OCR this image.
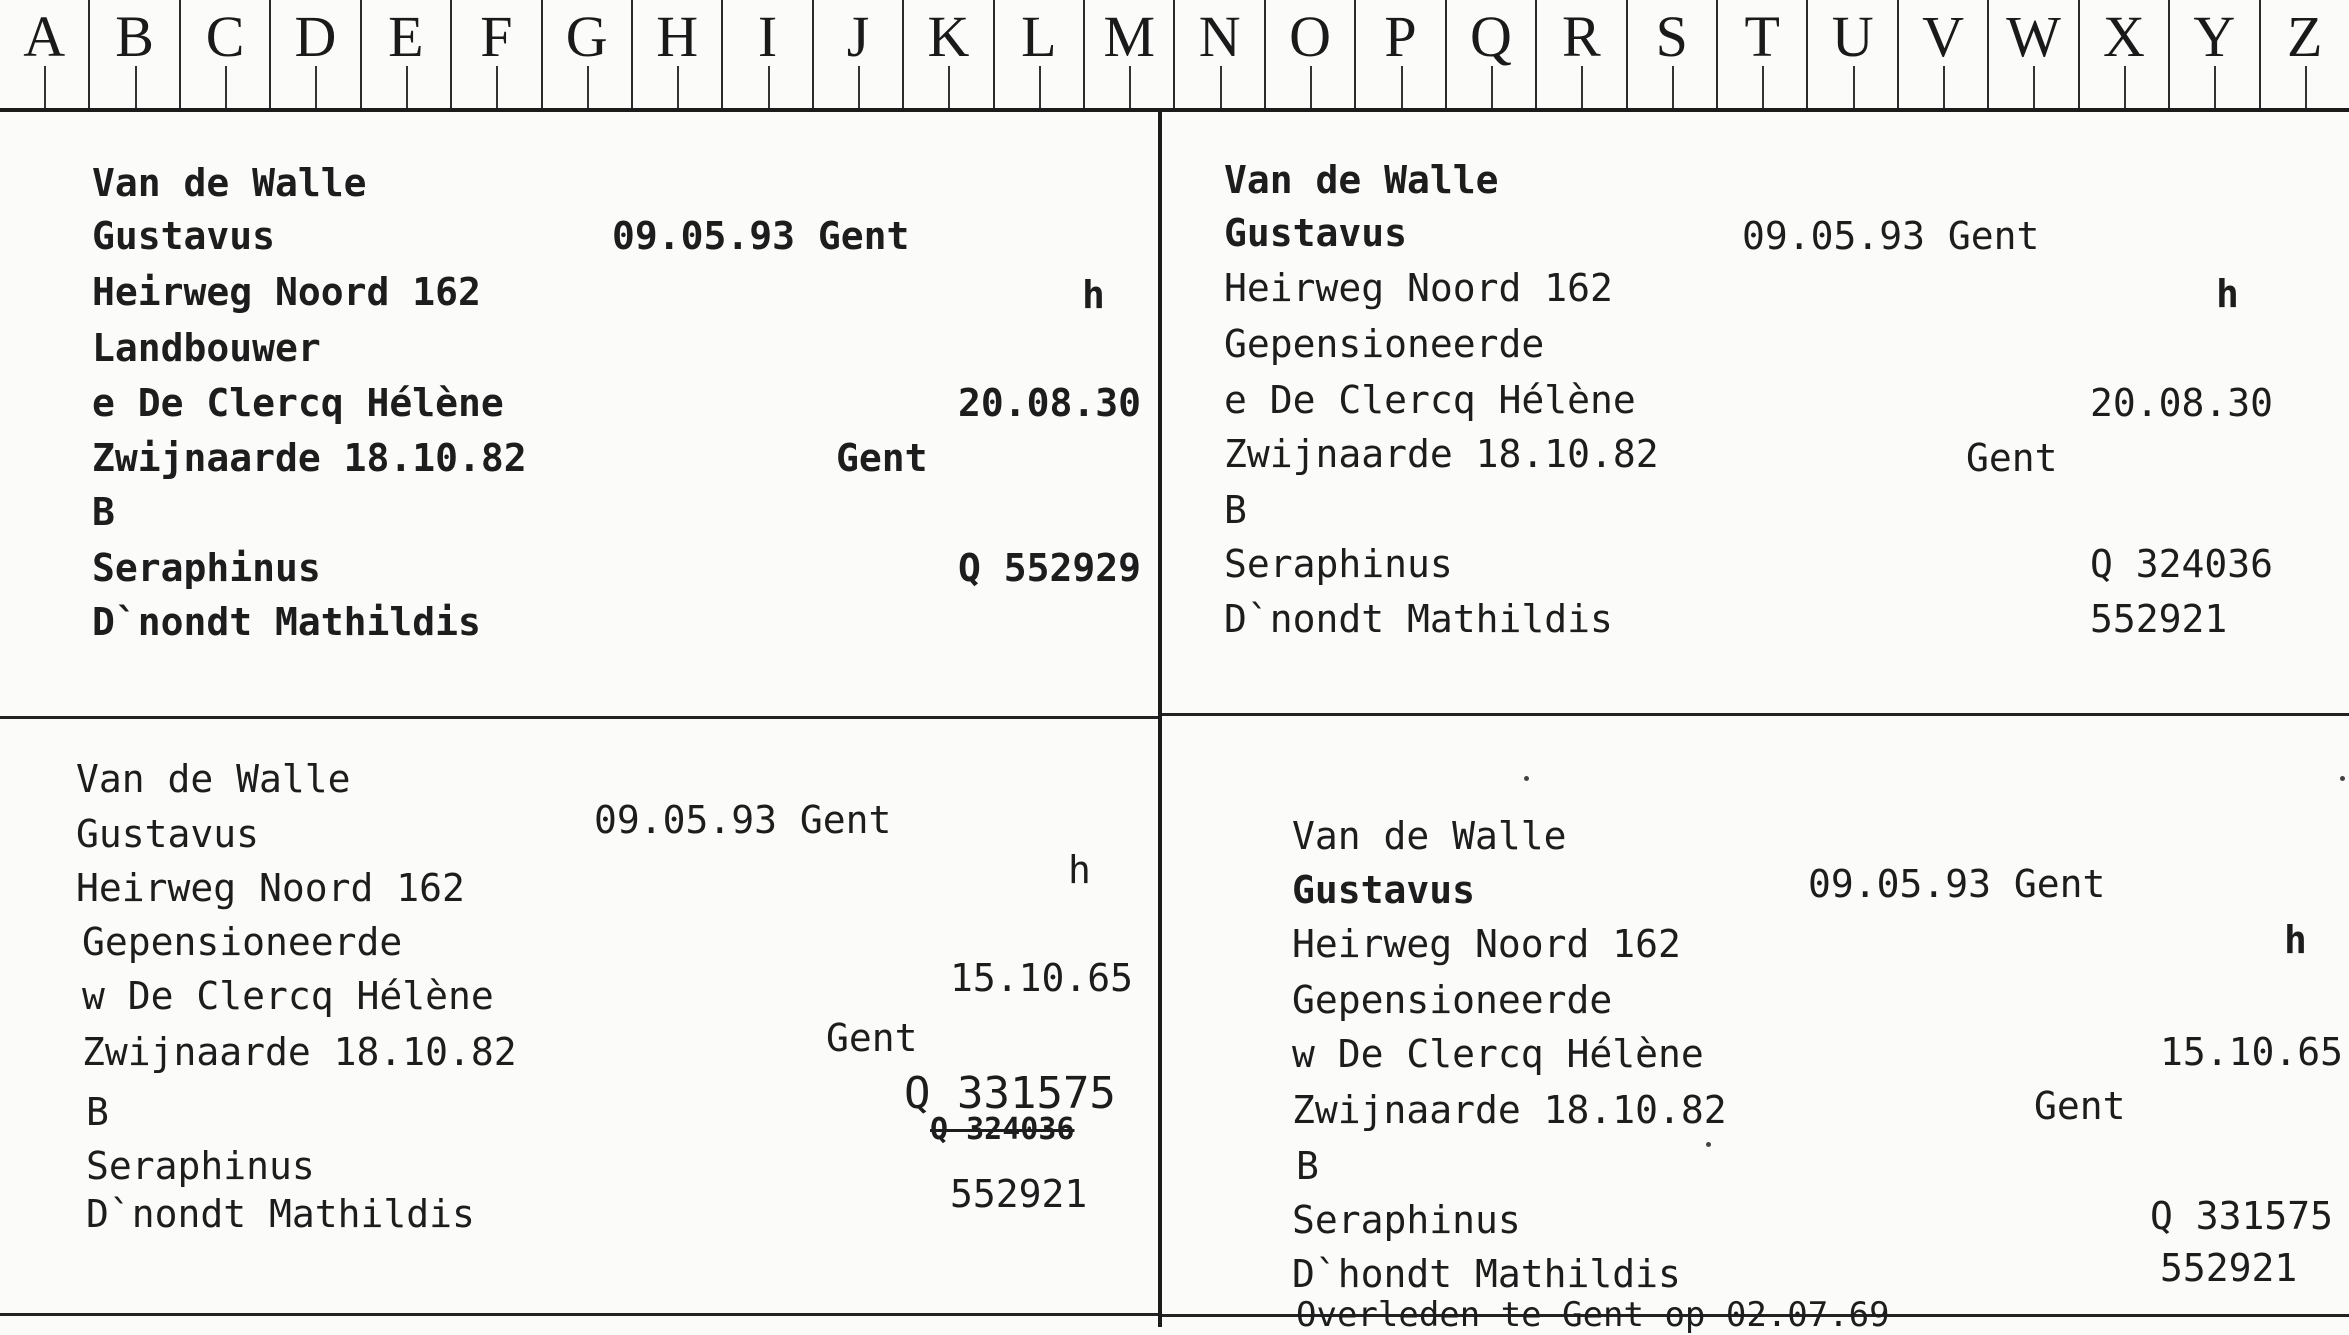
A B C D E F G H	I	J	K L M N O P Q R S T U V W X Y Z
Van de Walle
Gustavus	09.05.93 Gent
Heirweg Noord 162	h
Landbouwer
e De Clercq Hélène	20.08.30
Zwijnaarde 18.10.82	Gent
B
Seraphinus	Q 552929
D`nondt Mathildis
Van de Walle
Gustavus	09.05.93 Gent
Heirweg Noord 162	h
Gepensioneerde
e De Clercq Hélène	20.08.30
Zwijnaarde 18.10.82	Gent
B
Seraphinus	Q 324036
D`nondt Mathildis	552921
Van de Walle
Gustavus	09.05.93 Gent
Heirweg Noord 162	h
Gepensioneerde
w De Clercq Hélène	15.10.65
Zwijnaarde 18.10.82	Gent
B	Q 331575
Q 324036
Seraphinus
D`nondt Mathildis	552921
Van de Walle
Gustavus	09.05.93 Gent
Heirweg Noord 162	h
Gepensioneerde
w De Clercq Hélène	15.10.65
Zwijnaarde 18.10.82	Gent
B
Seraphinus	Q 331575
D`hondt Mathildis	552921
Overleden te Gent op 02.07.69
